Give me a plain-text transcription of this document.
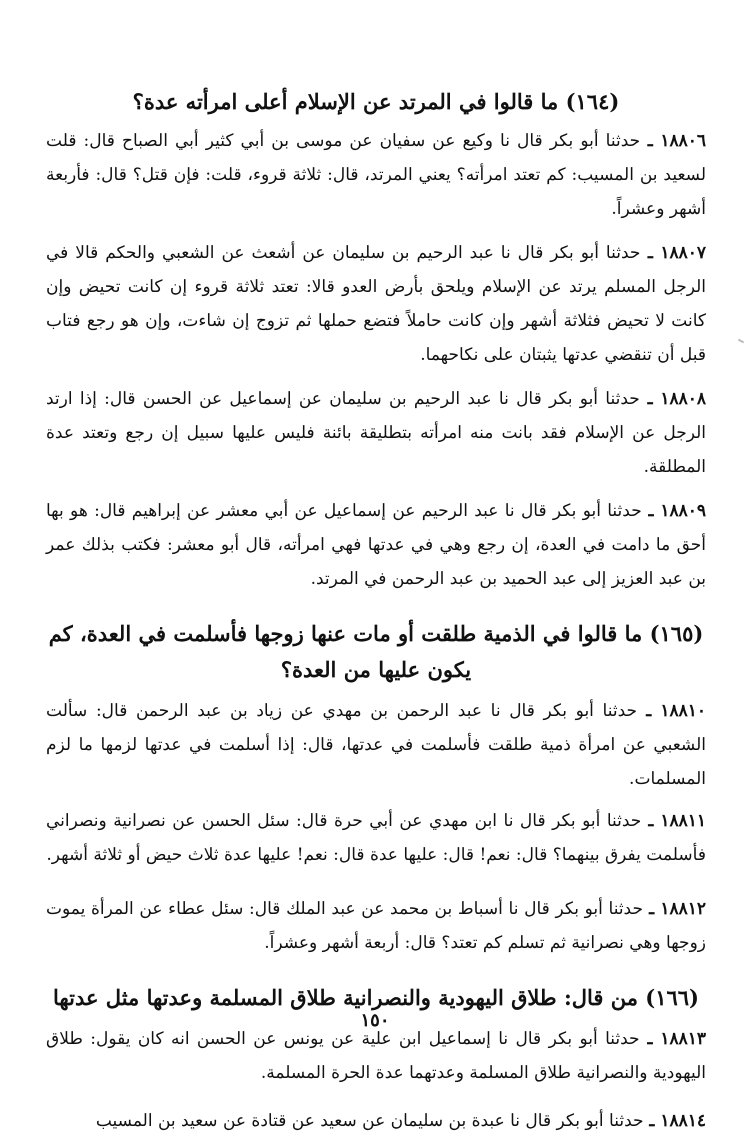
(١٦٤) ما قالوا في المرتد عن الإسلام أعلى امرأته عدة؟

١٨٨٠٦ ـ حدثنا أبو بكر قال نا وكيع عن سفيان عن موسى بن أبي كثير أبي الصباح قال: قلت لسعيد بن المسيب: كم تعتد امرأته؟ يعني المرتد، قال: ثلاثة قروء، قلت: فإن قتل؟ قال: فأربعة أشهر وعشراً.

١٨٨٠٧ ـ حدثنا أبو بكر قال نا عبد الرحيم بن سليمان عن أشعث عن الشعبي والحكم قالا في الرجل المسلم يرتد عن الإسلام ويلحق بأرض العدو قالا: تعتد ثلاثة قروء إن كانت تحيض وإن كانت لا تحيض فثلاثة أشهر وإن كانت حاملاً فتضع حملها ثم تزوج إن شاءت، وإن هو رجع فتاب قبل أن تنقضي عدتها يثبتان على نكاحهما.

١٨٨٠٨ ـ حدثنا أبو بكر قال نا عبد الرحيم بن سليمان عن إسماعيل عن الحسن قال: إذا ارتد الرجل عن الإسلام فقد بانت منه امرأته بتطليقة بائنة فليس عليها سبيل إن رجع وتعتد عدة المطلقة.

١٨٨٠٩ ـ حدثنا أبو بكر قال نا عبد الرحيم عن إسماعيل عن أبي معشر عن إبراهيم قال: هو بها أحق ما دامت في العدة، إن رجع وهي في عدتها فهي امرأته، قال أبو معشر: فكتب بذلك عمر بن عبد العزيز إلى عبد الحميد بن عبد الرحمن في المرتد.

(١٦٥) ما قالوا في الذمية طلقت أو مات عنها زوجها فأسلمت في العدة، كم يكون عليها من العدة؟

١٨٨١٠ ـ حدثنا أبو بكر قال نا عبد الرحمن بن مهدي عن زياد بن عبد الرحمن قال: سألت الشعبي عن امرأة ذمية طلقت فأسلمت في عدتها، قال: إذا أسلمت في عدتها لزمها ما لزم المسلمات.

١٨٨١١ ـ حدثنا أبو بكر قال نا ابن مهدي عن أبي حرة قال: سئل الحسن عن نصرانية ونصراني فأسلمت يفرق بينهما؟ قال: نعم! قال: عليها عدة قال: نعم! عليها عدة ثلاث حيض أو ثلاثة أشهر.

١٨٨١٢ ـ حدثنا أبو بكر قال نا أسباط بن محمد عن عبد الملك قال: سئل عطاء عن المرأة يموت زوجها وهي نصرانية ثم تسلم كم تعتد؟ قال: أربعة أشهر وعشراً.

(١٦٦) من قال: طلاق اليهودية والنصرانية طلاق المسلمة وعدتها مثل عدتها

١٨٨١٣ ـ حدثنا أبو بكر قال نا إسماعيل ابن علية عن يونس عن الحسن انه كان يقول: طلاق اليهودية والنصرانية طلاق المسلمة وعدتهما عدة الحرة المسلمة.

١٨٨١٤ ـ حدثنا أبو بكر قال نا عبدة بن سليمان عن سعيد عن قتادة عن سعيد بن المسيب

١٥٠
